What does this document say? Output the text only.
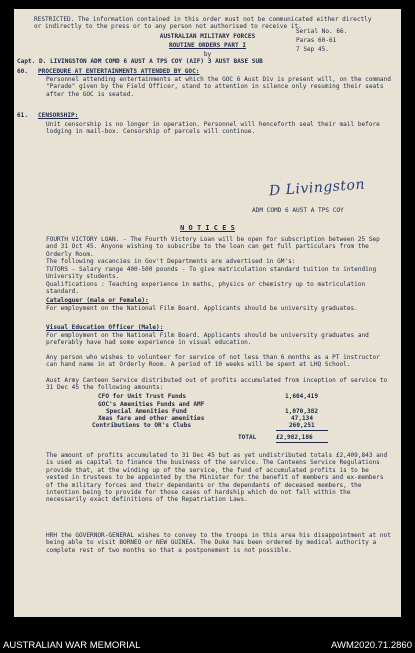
RESTRICTED. The information contained in this order must not be communicated either directly or indirectly to the press or to any person not authorised to receive it.
AUSTRALIAN MILITARY FORCES
ROUTINE ORDERS PART I
by
Serial No. 66.
Paras 60-61
7 Sep 45.
Capt. D. LIVINGSTON ADM COMD 6 AUST A TPS COY (AIF) 3 AUST BASE SUB
60. PROCEDURE AT ENTERTAINMENTS ATTENDED BY GOC:
Personnel attending entertainments at which the GOC 6 Aust Div is present will, on the command "Parade" given by the Field Officer, stand to attention in silence only resuming their seats after the GOC is seated.
61. CENSORSHIP:
Unit censorship is no longer in operation. Personnel will henceforth seal their mail before lodging in mail-box. Censorship of parcels will continue.
D Livingston
ADM COMD 6 AUST A TPS COY
N O T I C E S
FOURTH VICTORY LOAN. - The Fourth Victory Loan will be open for subscription between 25 Sep and 31 Oct 45. Anyone wishing to subscribe to the loan can get full particulars from the Orderly Room.
The following vacancies in Gov't Departments are advertised in GM's:
TUTORS - Salary range 400-500 pounds - To give matriculation standard tuition to intending University students.
Qualifications : Teaching experience in maths, physics or chemistry up to matriculation standard.
Cataloguer (male or Female):
For employment on the National Film Board. Applicants should be university graduates.
Visual Education Officer (Male):
For employment on the National Film Board. Applicants should be university graduates and preferably have had some experience in visual education.
Any person who wishes to volunteer for service of not less than 6 months as a PT instructor can hand name in at Orderly Room. A period of 10 weeks will be spent at LHQ School.
Aust Army Canteen Service distributed out of profits accumulated from inception of service to 31 Dec 45 the following amounts:
CFO for Unit Trust Funds	1,604,419
GOC's Amenities Funds and AMF
Special Amenities Fund	1,070,382
Xmas fare and other amenities	47,134
Contributions to OR's Clubs	260,251
TOTAL	£2,982,186
The amount of profits accumulated to 31 Dec 45 but as yet undistributed totals £2,409,843 and is used as capital to finance the business of the service. The Canteens Service Regulations provide that, at the winding up of the service, the fund of accumulated profits is to be vested in trustees to be appointed by the Minister for the benefit of members and ex-members of the military forces and their dependants or the dependants of deceased members, the intention being to provide for those cases of hardship which do not fall within the necessarily exact definitions of the Repatriation Laws.
HRH the GOVERNOR-GENERAL wishes to convey to the troops in this area his disappointment at not being able to visit BORNEO or NEW GUINEA. The Duke has been ordered by medical authority a complete rest of two months so that a postponement is not possible.
AUSTRALIAN WAR MEMORIAL	AWM2020.71.2860
